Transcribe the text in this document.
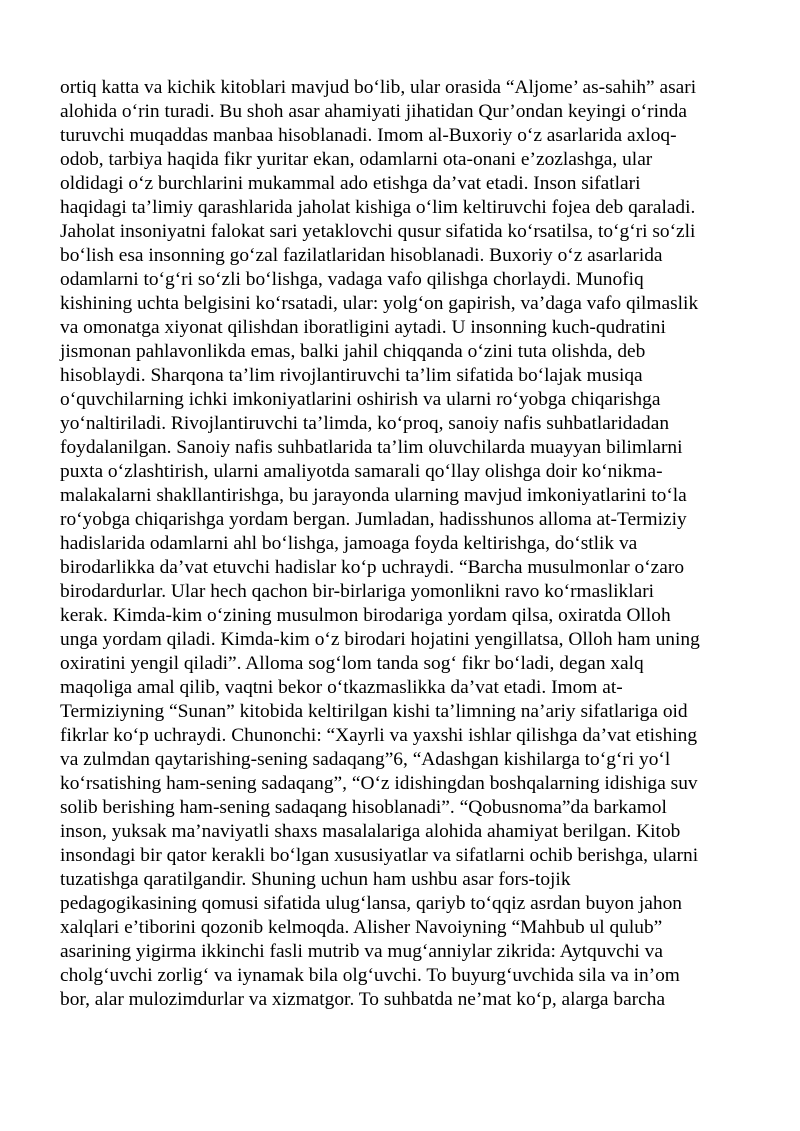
ortiq katta va kichik kitoblari mavjud boʻlib, ular orasida “Aljome’ as-sahih” asari
alohida oʻrin turadi. Bu shoh asar ahamiyati jihatidan Qur’ondan keyingi oʻrinda
turuvchi muqaddas manbaa hisoblanadi. Imom al-Buxoriy oʻz asarlarida axloq-
odob, tarbiya haqida fikr yuritar ekan, odamlarni ota-onani e’zozlashga, ular
oldidagi oʻz burchlarini mukammal ado etishga da’vat etadi. Inson sifatlari
haqidagi ta’limiy qarashlarida jaholat kishiga oʻlim keltiruvchi fojea deb qaraladi.
Jaholat insoniyatni falokat sari yetaklovchi qusur sifatida koʻrsatilsa, toʻgʻri soʻzli
boʻlish esa insonning goʻzal fazilatlaridan hisoblanadi. Buxoriy oʻz asarlarida
odamlarni toʻgʻri soʻzli boʻlishga, vadaga vafo qilishga chorlaydi. Munofiq
kishining uchta belgisini koʻrsatadi, ular: yolgʻon gapirish, va’daga vafo qilmaslik
va omonatga xiyonat qilishdan iboratligini aytadi. U insonning kuch-qudratini
jismonan pahlavonlikda emas, balki jahil chiqqanda oʻzini tuta olishda, deb
hisoblaydi. Sharqona ta’lim rivojlantiruvchi ta’lim sifatida boʻlajak musiqa
oʻquvchilarning ichki imkoniyatlarini oshirish va ularni roʻyobga chiqarishga
yoʻnaltiriladi. Rivojlantiruvchi ta’limda, koʻproq, sanoiy nafis suhbatlaridadan
foydalanilgan. Sanoiy nafis suhbatlarida ta’lim oluvchilarda muayyan bilimlarni
puxta oʻzlashtirish, ularni amaliyotda samarali qoʻllay olishga doir koʻnikma-
malakalarni shakllantirishga, bu jarayonda ularning mavjud imkoniyatlarini toʻla
roʻyobga chiqarishga yordam bergan. Jumladan, hadisshunos alloma at-Termiziy
hadislarida odamlarni ahl boʻlishga, jamoaga foyda keltirishga, doʻstlik va
birodarlikka da’vat etuvchi hadislar koʻp uchraydi. “Barcha musulmonlar oʻzaro
birodardurlar. Ular hech qachon bir-birlariga yomonlikni ravo koʻrmasliklari
kerak. Kimda-kim oʻzining musulmon birodariga yordam qilsa, oxiratda Olloh
unga yordam qiladi. Kimda-kim oʻz birodari hojatini yengillatsa, Olloh ham uning
oxiratini yengil qiladi”. Alloma sogʻlom tanda sogʻ fikr boʻladi, degan xalq
maqoliga amal qilib, vaqtni bekor oʻtkazmaslikka da’vat etadi. Imom at-
Termiziyning “Sunan” kitobida keltirilgan kishi ta’limning na’ariy sifatlariga oid
fikrlar koʻp uchraydi. Chunonchi: “Xayrli va yaxshi ishlar qilishga da’vat etishing
va zulmdan qaytarishing-sening sadaqang”6, “Adashgan kishilarga toʻgʻri yoʻl
koʻrsatishing ham-sening sadaqang”, “Oʻz idishingdan boshqalarning idishiga suv
solib berishing ham-sening sadaqang hisoblanadi”. “Qobusnoma”da barkamol
inson, yuksak ma’naviyatli shaxs masalalariga alohida ahamiyat berilgan. Kitob
insondagi bir qator kerakli boʻlgan xususiyatlar va sifatlarni ochib berishga, ularni
tuzatishga qaratilgandir. Shuning uchun ham ushbu asar fors-tojik
pedagogikasining qomusi sifatida ulugʻlansa, qariyb toʻqqiz asrdan buyon jahon
xalqlari e’tiborini qozonib kelmoqda. Alisher Navoiyning “Mahbub ul qulub”
asarining yigirma ikkinchi fasli mutrib va mugʻanniylar zikrida: Aytquvchi va
cholgʻuvchi zorligʻ va iynamak bila olgʻuvchi. To buyurgʻuvchida sila va in’om
bor, alar mulozimdurlar va xizmatgor. To suhbatda ne’mat koʻp, alarga barcha
